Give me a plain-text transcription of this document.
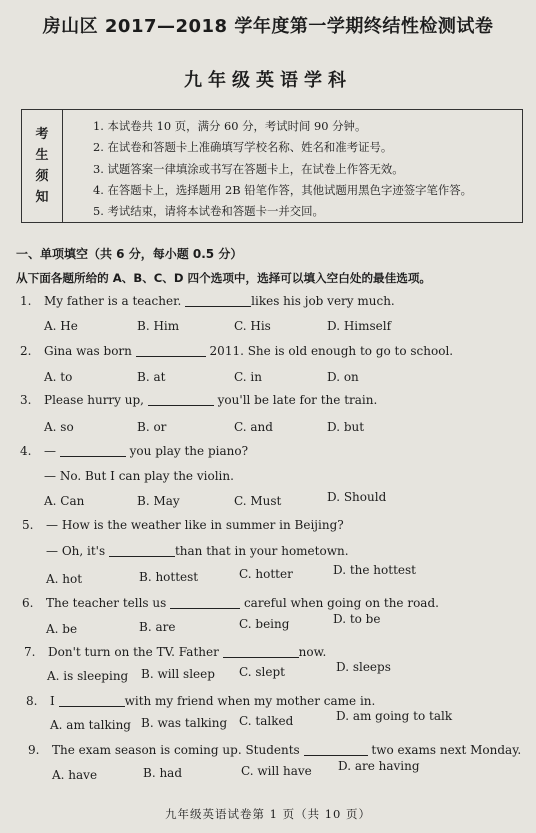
房山区 2017—2018 学年度第一学期终结性检测试卷
九年级英语学科
考
生
须
知
1. 本试卷共 10 页，满分 60 分，考试时间 90 分钟。
2. 在试卷和答题卡上准确填写学校名称、姓名和准考证号。
3. 试题答案一律填涂或书写在答题卡上，在试卷上作答无效。
4. 在答题卡上，选择题用 2B 铅笔作答，其他试题用黑色字迹签字笔作答。
5. 考试结束，请将本试卷和答题卡一并交回。
一、单项填空（共 6 分，每小题 0.5 分）
从下面各题所给的 A、B、C、D 四个选项中，选择可以填入空白处的最佳选项。
1. My father is a teacher.	likes his job very much.
A. He	B. Him	C. His	D. Himself
2. Gina was born	2011. She is old enough to go to school.
A. to	B. at	C. in	D. on
3. Please hurry up,	you'll be late for the train.
A. so	B. or	C. and	D. but
4. —	you play the piano?
— No. But I can play the violin.
A. Can	B. May	C. Must	D. Should
5. — How is the weather like in summer in Beijing?
— Oh, it's	than that in your hometown.
A. hot	B. hottest	C. hotter	D. the hottest
6. The teacher tells us	careful when going on the road.
A. be	B. are	C. being	D. to be
7. Don't turn on the TV. Father	now.
A. is sleeping B. will sleep C. slept	D. sleeps
8. I	with my friend when my mother came in.
A. am talking B. was talking C. talked	D. am going to talk
9. The exam season is coming up. Students	two exams next Monday.
A. have	B. had	C. will have D. are having
九年级英语试卷第 1 页（共 10 页）
